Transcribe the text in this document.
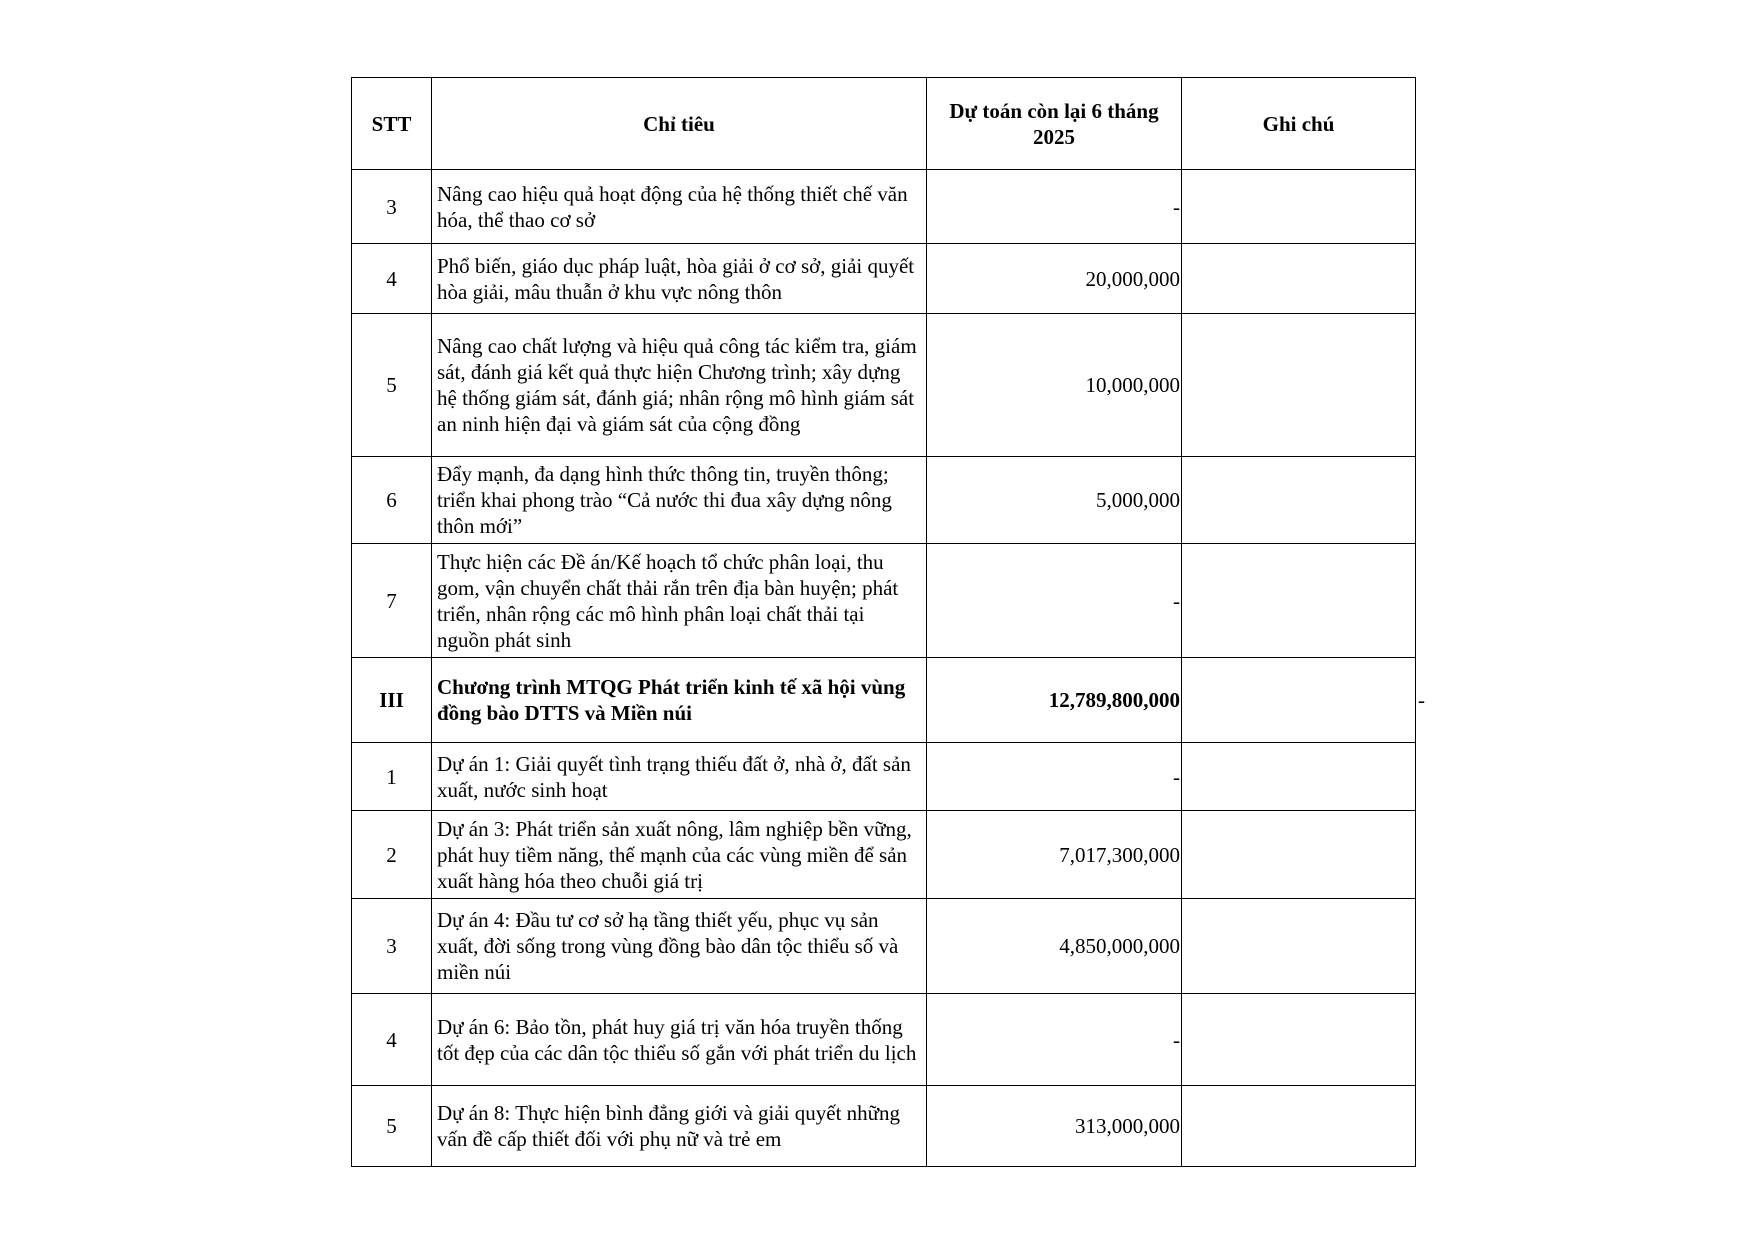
STT	Chỉ tiêu	Dự toán còn lại 6 tháng 2025	Ghi chú
3	Nâng cao hiệu quả hoạt động của hệ thống thiết chế văn hóa, thể thao cơ sở	-	
4	Phổ biến, giáo dục pháp luật, hòa giải ở cơ sở, giải quyết hòa giải, mâu thuẫn ở khu vực nông thôn	20,000,000	
5	Nâng cao chất lượng và hiệu quả công tác kiểm tra, giám sát, đánh giá kết quả thực hiện Chương trình; xây dựng hệ thống giám sát, đánh giá; nhân rộng mô hình giám sát an ninh hiện đại và giám sát của cộng đồng	10,000,000	
6	Đẩy mạnh, đa dạng hình thức thông tin, truyền thông; triển khai phong trào “Cả nước thi đua xây dựng nông thôn mới”	5,000,000	
7	Thực hiện các Đề án/Kế hoạch tổ chức phân loại, thu gom, vận chuyển chất thải rắn trên địa bàn huyện; phát triển, nhân rộng các mô hình phân loại chất thải tại nguồn phát sinh	-	
III	Chương trình MTQG Phát triển kinh tế xã hội vùng đồng bào DTTS và Miền núi	12,789,800,000	-

1	Dự án 1: Giải quyết tình trạng thiếu đất ở, nhà ở, đất sản xuất, nước sinh hoạt	-	
2	Dự án 3: Phát triển sản xuất nông, lâm nghiệp bền vững, phát huy tiềm năng, thế mạnh của các vùng miền để sản xuất hàng hóa theo chuỗi giá trị	7,017,300,000	
3	Dự án 4: Đầu tư cơ sở hạ tầng thiết yếu, phục vụ sản xuất, đời sống trong vùng đồng bào dân tộc thiểu số và miền núi	4,850,000,000	
4	Dự án 6: Bảo tồn, phát huy giá trị văn hóa truyền thống tốt đẹp của các dân tộc thiểu số gắn với phát triển du lịch	-	
5	Dự án 8: Thực hiện bình đẳng giới và giải quyết những vấn đề cấp thiết đối với phụ nữ và trẻ em	313,000,000	
